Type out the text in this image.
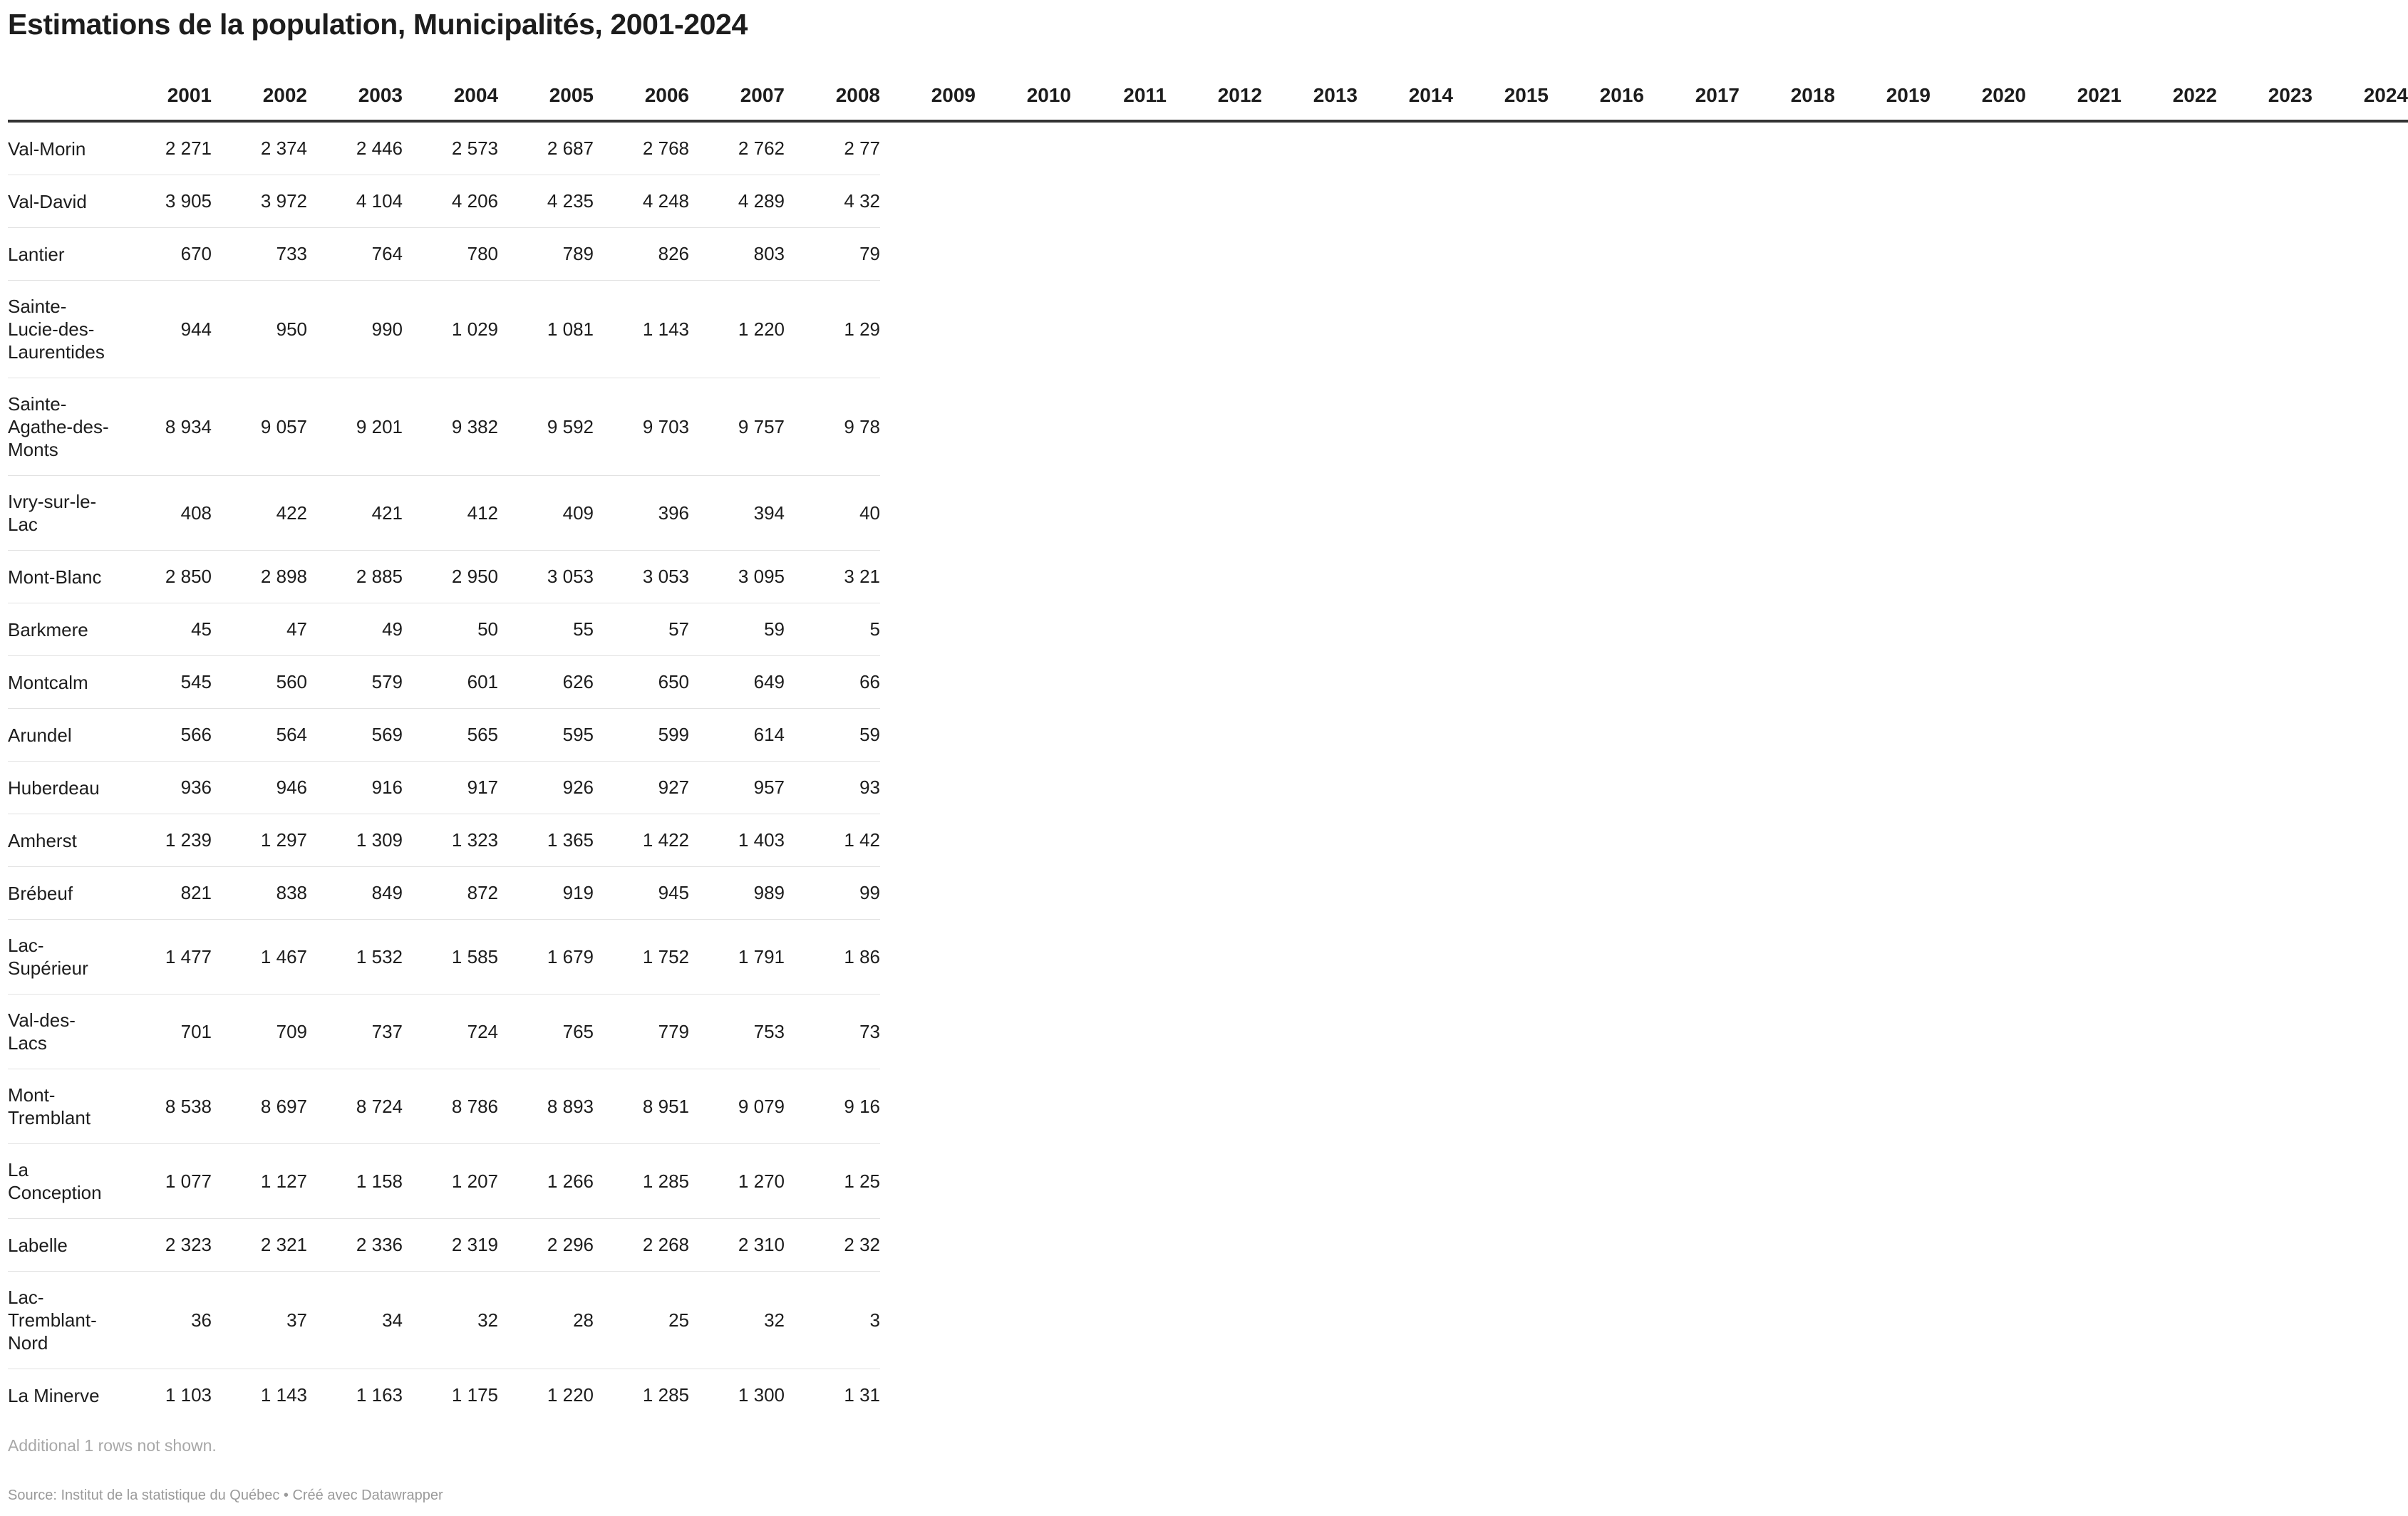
Estimations de la population, Municipalités, 2001-2024
	2001	2002	2003	2004	2005	2006	2007	2008	2009	2010	2011	2012	2013	2014	2015	2016	2017	2018	2019	2020	2021	2022	2023	2024
Val-Morin	2 271	2 374	2 446	2 573	2 687	2 768	2 762	2 77																
Val-David	3 905	3 972	4 104	4 206	4 235	4 248	4 289	4 32																
Lantier	670	733	764	780	789	826	803	79																
Sainte-Lucie-des-Laurentides	944	950	990	1 029	1 081	1 143	1 220	1 29																
Sainte-Agathe-des-Monts	8 934	9 057	9 201	9 382	9 592	9 703	9 757	9 78																
Ivry-sur-le-Lac	408	422	421	412	409	396	394	40																
Mont-Blanc	2 850	2 898	2 885	2 950	3 053	3 053	3 095	3 21																
Barkmere	45	47	49	50	55	57	59	5																
Montcalm	545	560	579	601	626	650	649	66																
Arundel	566	564	569	565	595	599	614	59																
Huberdeau	936	946	916	917	926	927	957	93																
Amherst	1 239	1 297	1 309	1 323	1 365	1 422	1 403	1 42																
Brébeuf	821	838	849	872	919	945	989	99																
Lac-Supérieur	1 477	1 467	1 532	1 585	1 679	1 752	1 791	1 86																
Val-des-Lacs	701	709	737	724	765	779	753	73																
Mont-Tremblant	8 538	8 697	8 724	8 786	8 893	8 951	9 079	9 16																
La Conception	1 077	1 127	1 158	1 207	1 266	1 285	1 270	1 25																
Labelle	2 323	2 321	2 336	2 319	2 296	2 268	2 310	2 32																
Lac-Tremblant-Nord	36	37	34	32	28	25	32	3																
La Minerve	1 103	1 143	1 163	1 175	1 220	1 285	1 300	1 31																
Additional 1 rows not shown.
Source: Institut de la statistique du Québec • Créé avec Datawrapper
